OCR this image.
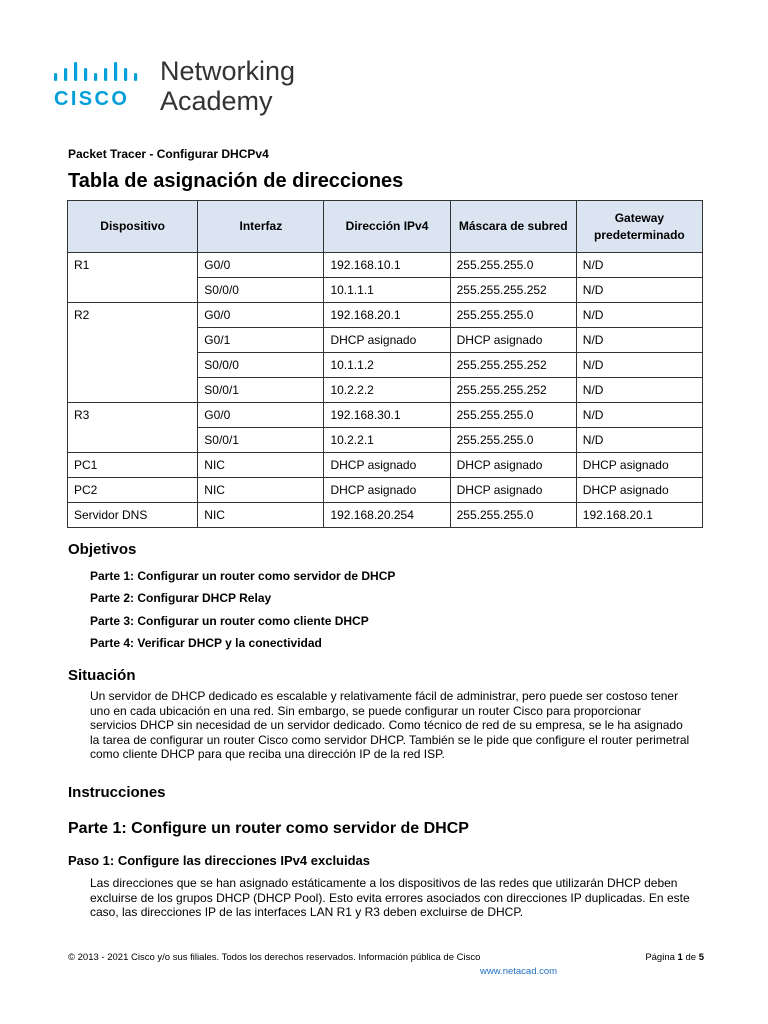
CISCO
Networking
Academy
Packet Tracer - Configurar DHCPv4
Tabla de asignación de direcciones
Dispositivo	Interfaz	Dirección IPv4	Máscara de subred	Gateway predeterminado
R1	G0/0	192.168.10.1	255.255.255.0	N/D
	S0/0/0	10.1.1.1	255.255.255.252	N/D
R2	G0/0	192.168.20.1	255.255.255.0	N/D
	G0/1	DHCP asignado	DHCP asignado	N/D
	S0/0/0	10.1.1.2	255.255.255.252	N/D
	S0/0/1	10.2.2.2	255.255.255.252	N/D
R3	G0/0	192.168.30.1	255.255.255.0	N/D
	S0/0/1	10.2.2.1	255.255.255.0	N/D
PC1	NIC	DHCP asignado	DHCP asignado	DHCP asignado
PC2	NIC	DHCP asignado	DHCP asignado	DHCP asignado
Servidor DNS	NIC	192.168.20.254	255.255.255.0	192.168.20.1
Objetivos
Parte 1: Configurar un router como servidor de DHCP
Parte 2: Configurar DHCP Relay
Parte 3: Configurar un router como cliente DHCP
Parte 4: Verificar DHCP y la conectividad
Situación
Un servidor de DHCP dedicado es escalable y relativamente fácil de administrar, pero puede ser costoso tener uno en cada ubicación en una red. Sin embargo, se puede configurar un router Cisco para proporcionar servicios DHCP sin necesidad de un servidor dedicado. Como técnico de red de su empresa, se le ha asignado la tarea de configurar un router Cisco como servidor DHCP. También se le pide que configure el router perimetral como cliente DHCP para que reciba una dirección IP de la red ISP.
Instrucciones
Parte 1: Configure un router como servidor de DHCP
Paso 1: Configure las direcciones IPv4 excluidas
Las direcciones que se han asignado estáticamente a los dispositivos de las redes que utilizarán DHCP deben excluirse de los grupos DHCP (DHCP Pool). Esto evita errores asociados con direcciones IP duplicadas. En este caso, las direcciones IP de las interfaces LAN R1 y R3 deben excluirse de DHCP.
© 2013 - 2021 Cisco y/o sus filiales. Todos los derechos reservados. Información pública de Cisco	Página 1 de 5
www.netacad.com
